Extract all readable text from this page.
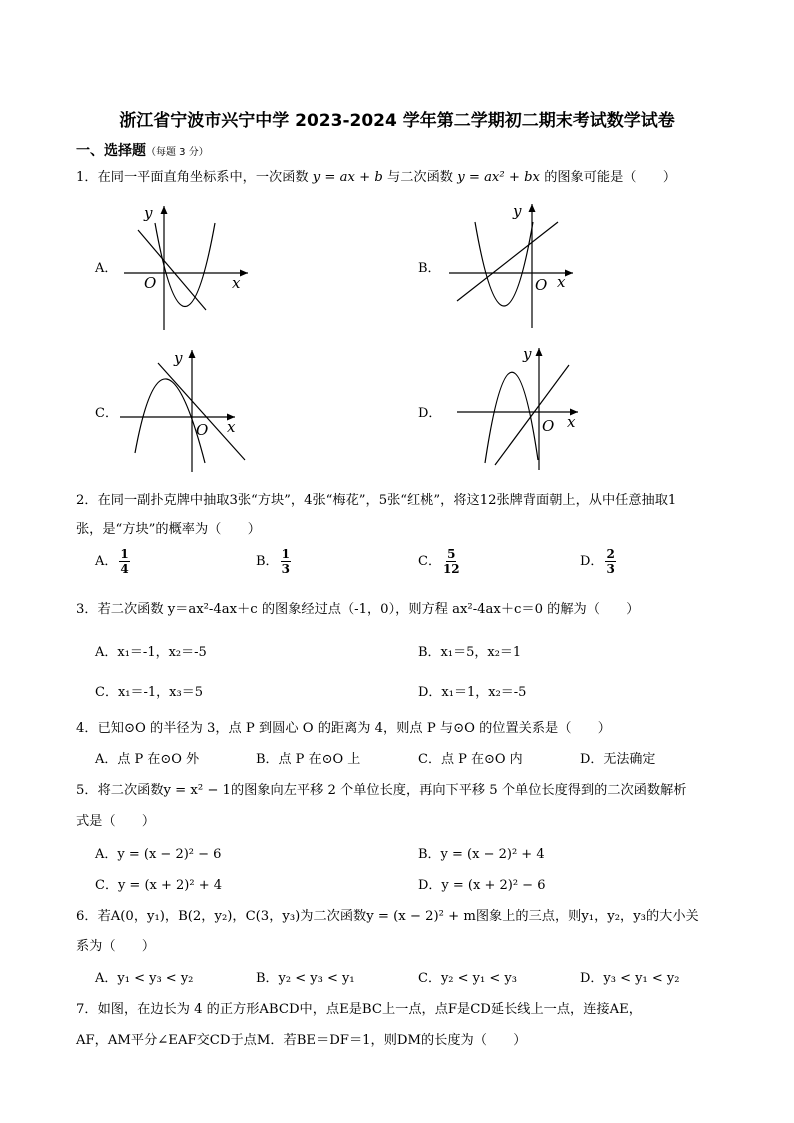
浙江省宁波市兴宁中学 2023-2024 学年第二学期初二期末考试数学试卷
一、选择题（每题 3 分）
1．在同一平面直角坐标系中，一次函数 y = ax + b 与二次函数 y = ax² + bx 的图象可能是（　　）
A．	B．
C．	D．
y
x
O
y
x
O
y
x
O
y
x
O
2．在同一副扑克牌中抽取3张“方块”，4张“梅花”，5张“红桃”，将这12张牌背面朝上，从中任意抽取1
张，是“方块”的概率为（　　）
A． $\frac{1}{4}$	B． $\frac{1}{3}$	C． $\frac{5}{12}$	D． $\frac{2}{3}$
3．若二次函数 y＝ax²-4ax＋c 的图象经过点（-1，0），则方程 ax²-4ax＋c＝0 的解为（　　）
A．x₁＝-1，x₂＝-5	B．x₁＝5，x₂＝1
C．x₁＝-1，x₃＝5	D．x₁＝1，x₂＝-5
4．已知⊙O 的半径为 3，点 P 到圆心 O 的距离为 4，则点 P 与⊙O 的位置关系是（　　）
A．点 P 在⊙O 外	B．点 P 在⊙O 上	C．点 P 在⊙O 内	D．无法确定
5．将二次函数y = x² − 1的图象向左平移 2 个单位长度，再向下平移 5 个单位长度得到的二次函数解析
式是（　　）
A．y = (x − 2)² − 6	B．y = (x − 2)² + 4
C．y = (x + 2)² + 4	D．y = (x + 2)² − 6
6．若A(0，y₁)，B(2，y₂)，C(3，y₃)为二次函数y = (x − 2)² + m图象上的三点，则y₁，y₂，y₃的大小关
系为（　　）
A．y₁ < y₃ < y₂	B．y₂ < y₃ < y₁	C．y₂ < y₁ < y₃	D．y₃ < y₁ < y₂
7．如图，在边长为 4 的正方形ABCD中，点E是BC上一点，点F是CD延长线上一点，连接AE，
AF，AM平分∠EAF交CD于点M．若BE＝DF＝1，则DM的长度为（　　）
